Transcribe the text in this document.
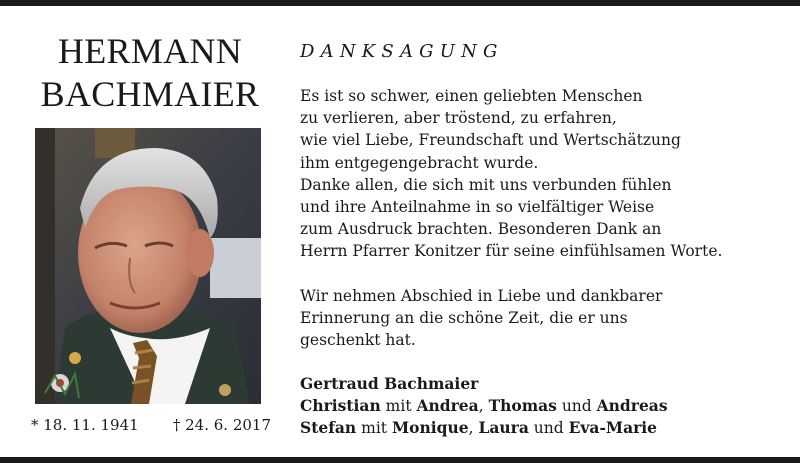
HERMANN
BACHMAIER
* 18. 11. 1941 † 24. 6. 2017
DANKSAGUNG
Es ist so schwer, einen geliebten Menschen
zu verlieren, aber tröstend, zu erfahren,
wie viel Liebe, Freundschaft und Wertschätzung
ihm entgegengebracht wurde.
Danke allen, die sich mit uns verbunden fühlen
und ihre Anteilnahme in so vielfältiger Weise
zum Ausdruck brachten. Besonderen Dank an
Herrn Pfarrer Konitzer für seine einfühlsamen Worte.
Wir nehmen Abschied in Liebe und dankbarer
Erinnerung an die schöne Zeit, die er uns
geschenkt hat.
Gertraud Bachmaier
Christian mit Andrea, Thomas und Andreas
Stefan mit Monique, Laura und Eva-Marie
